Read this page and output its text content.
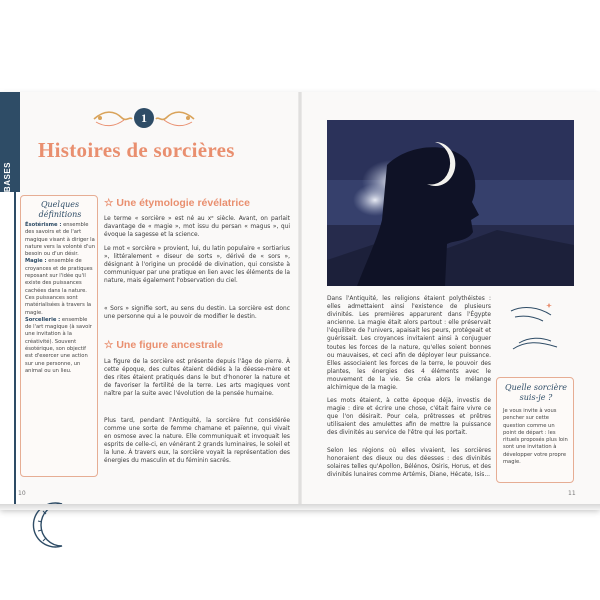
LES BASES
1
Histoires de sorcières
Quelques
définitions
Ésotérisme : ensemble des savoirs et de l'art magique visant à diriger la nature vers la volonté d'un besoin ou d'un désir.
Magie : ensemble de croyances et de pratiques reposant sur l'idée qu'il existe des puissances cachées dans la nature. Ces puissances sont matérialisées à travers la magie.
Sorcellerie : ensemble de l'art magique (à savoir une invitation à la créativité). Souvent ésotérique, son objectif est d'exercer une action sur une personne, un animal ou un lieu.
☆ Une étymologie révélatrice
Le terme « sorcière » est né au xᵉ siècle. Avant, on parlait davantage de « magie », mot issu du persan « magus », qui évoque la sagesse et la science.
Le mot « sorcière » provient, lui, du latin populaire « sortiarius », littéralement « diseur de sorts », dérivé de « sors », désignant à l'origine un procédé de divination, qui consiste à communiquer par une pratique en lien avec les éléments de la nature, mais également l'observation du ciel.
« Sors » signifie sort, au sens du destin. La sorcière est donc une personne qui a le pouvoir de modifier le destin.
☆ Une figure ancestrale
La figure de la sorcière est présente depuis l'âge de pierre. À cette époque, des cultes étaient dédiés à la déesse-mère et des rites étaient pratiqués dans le but d'honorer la nature et de favoriser la fertilité de la terre. Les arts magiques vont naître par la suite avec l'évolution de la pensée humaine.
Plus tard, pendant l'Antiquité, la sorcière fut considérée comme une sorte de femme chamane et païenne, qui vivait en osmose avec la nature. Elle communiquait et invoquait les esprits de celle-ci, en vénérant 2 grands luminaires, le soleil et la lune. À travers eux, la sorcière voyait la représentation des énergies du masculin et du féminin sacrés.
Dans l'Antiquité, les religions étaient polythéistes : elles admettaient ainsi l'existence de plusieurs divinités. Les premières apparurent dans l'Égypte ancienne. La magie était alors partout : elle préservait l'équilibre de l'univers, apaisait les peurs, protégeait et guérissait. Les croyances invitaient ainsi à conjuguer toutes les forces de la nature, qu'elles soient bonnes ou mauvaises, et ceci afin de déployer leur puissance. Elles associaient les forces de la terre, le pouvoir des plantes, les énergies des 4 éléments avec le mouvement de la vie. Se créa alors le mélange alchimique de la magie.
Les mots étaient, à cette époque déjà, investis de magie : dire et écrire une chose, c'était faire vivre ce que l'on désirait. Pour cela, prêtresses et prêtres utilisaient des amulettes afin de mettre la puissance des divinités au service de l'être qui les portait.
Selon les régions où elles vivaient, les sorcières honoraient des dieux ou des déesses : des divinités solaires telles qu'Apollon, Bélénos, Osiris, Horus, et des divinités lunaires comme Artémis, Diane, Hécate, Isis...
Quelle sorcière
suis-je ?
Je vous invite à vous pencher sur cette question comme un point de départ : les rituels proposés plus loin sont une invitation à développer votre propre magie.
10	11
